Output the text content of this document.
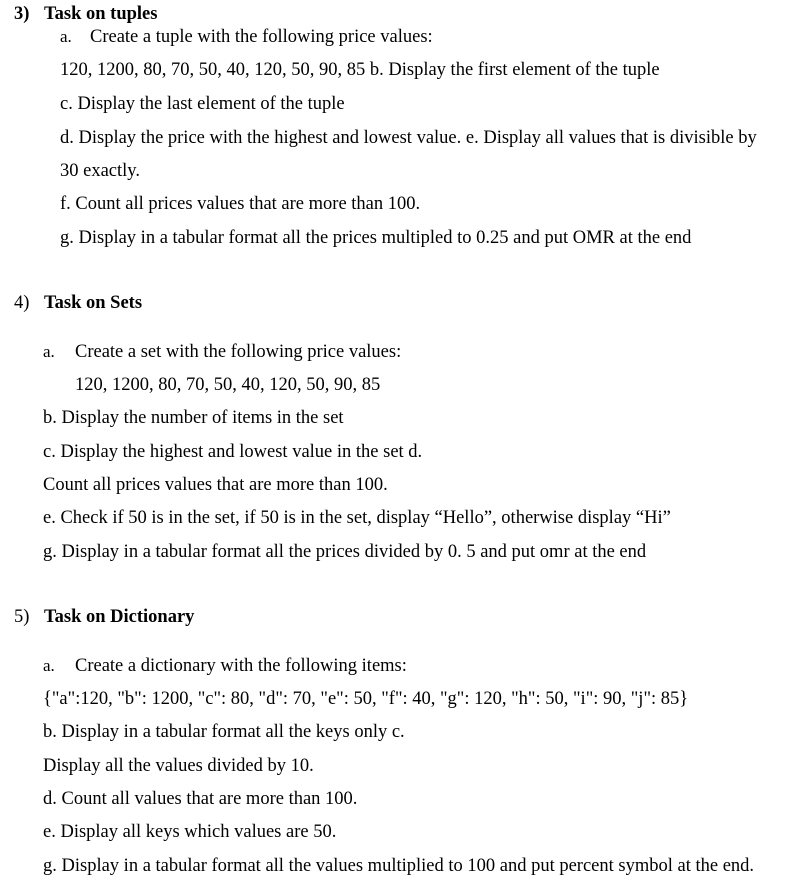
3) Task on tuples
a. Create a tuple with the following price values:
120, 1200, 80, 70, 50, 40, 120, 50, 90, 85 b. Display the first element of the tuple
c. Display the last element of the tuple
d. Display the price with the highest and lowest value. e. Display all values that is divisible by
30 exactly.
f. Count all prices values that are more than 100.
g. Display in a tabular format all the prices multipled to 0.25 and put OMR at the end
4) Task on Sets
a. Create a set with the following price values:
120, 1200, 80, 70, 50, 40, 120, 50, 90, 85
b. Display the number of items in the set
c. Display the highest and lowest value in the set d.
Count all prices values that are more than 100.
e. Check if 50 is in the set, if 50 is in the set, display “Hello”, otherwise display “Hi”
g. Display in a tabular format all the prices divided by 0. 5 and put omr at the end
5) Task on Dictionary
a. Create a dictionary with the following items:
{"a":120, "b": 1200, "c": 80, "d": 70, "e": 50, "f": 40, "g": 120, "h": 50, "i": 90, "j": 85}
b. Display in a tabular format all the keys only c.
Display all the values divided by 10.
d. Count all values that are more than 100.
e. Display all keys which values are 50.
g. Display in a tabular format all the values multiplied to 100 and put percent symbol at the end.
